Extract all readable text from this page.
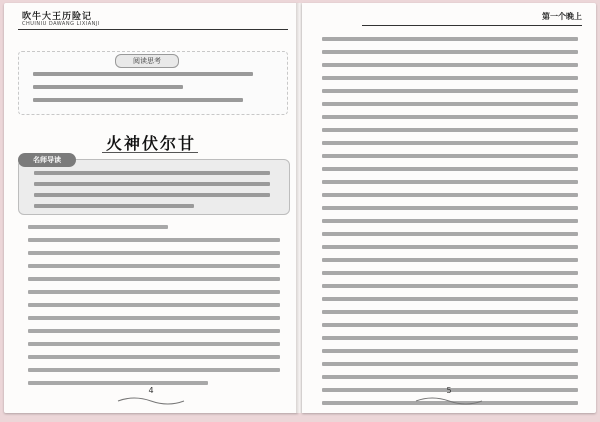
吹牛大王历险记
CHUINIU DAWANG LIXIANJI
阅读思考
火神伏尔甘
名师导读
4
第一个晚上
5
